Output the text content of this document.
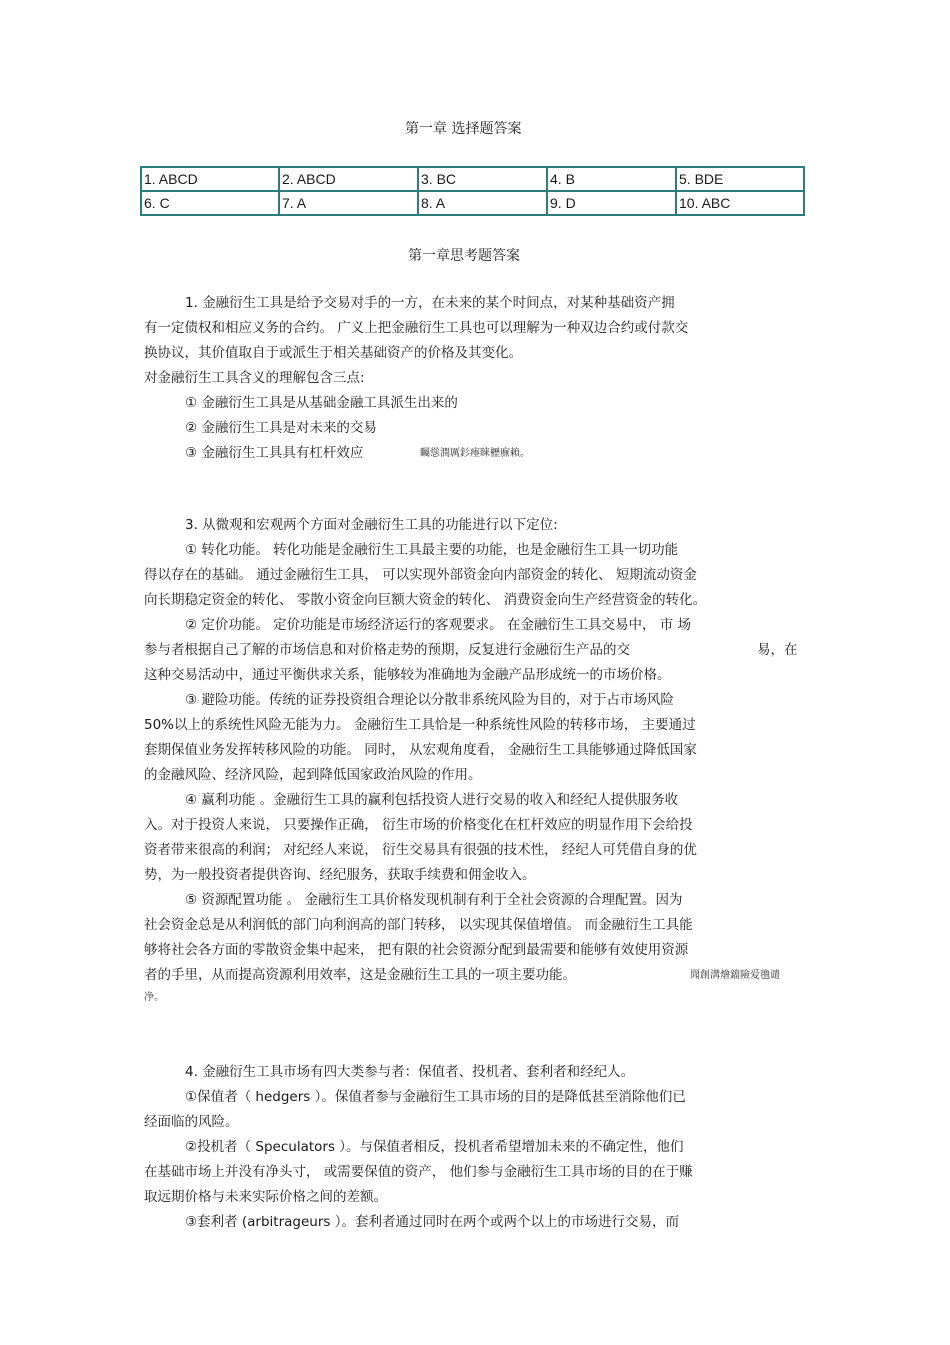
第一章 选择题答案
1. ABCD	2. ABCD	3. BC	4. B	5. BDE
6. C	7. A	8. A	9. D	10. ABC
第一章思考题答案
1. 金融衍生工具是给予交易对手的一方，在未来的某个时间点，对某种基础资产拥
有一定债权和相应义务的合约。 广义上把金融衍生工具也可以理解为一种双边合约或付款交
换协议，其价值取自于或派生于相关基础资产的价格及其变化。
对金融衍生工具含义的理解包含三点:
① 金融衍生工具是从基础金融工具派生出来的
② 金融衍生工具是对未来的交易
③ 金融衍生工具具有杠杆效应	矚慫潤厲釤瘞睞櫪廡賴。
3. 从微观和宏观两个方面对金融衍生工具的功能进行以下定位:
① 转化功能。 转化功能是金融衍生工具最主要的功能，也是金融衍生工具一切功能
得以存在的基础。 通过金融衍生工具， 可以实现外部资金向内部资金的转化、 短期流动资金
向长期稳定资金的转化、 零散小资金向巨额大资金的转化、 消费资金向生产经营资金的转化。
② 定价功能。 定价功能是市场经济运行的客观要求。 在金融衍生工具交易中， 市 场
参与者根据自己了解的市场信息和对价格走势的预期，反复进行金融衍生产品的交	易，在
这种交易活动中，通过平衡供求关系，能够较为准确地为金融产品形成统一的市场价格。
③ 避险功能。传统的证券投资组合理论以分散非系统风险为目的，对于占市场风险
50%以上的系统性风险无能为力。 金融衍生工具恰是一种系统性风险的转移市场， 主要通过
套期保值业务发挥转移风险的功能。 同时， 从宏观角度看， 金融衍生工具能够通过降低国家
的金融风险、经济风险，起到降低国家政治风险的作用。
④ 赢利功能 。金融衍生工具的赢利包括投资人进行交易的收入和经纪人提供服务收
入。对于投资人来说， 只要操作正确， 衍生市场的价格变化在杠杆效应的明显作用下会给投
资者带来很高的利润； 对纪经人来说， 衍生交易具有很强的技术性， 经纪人可凭借自身的优
势，为一般投资者提供咨询、经纪服务，获取手续费和佣金收入。
⑤ 资源配置功能 。 金融衍生工具价格发现机制有利于全社会资源的合理配置。因为
社会资金总是从利润低的部门向利润高的部门转移， 以实现其保值增值。 而金融衍生工具能
够将社会各方面的零散资金集中起来， 把有限的社会资源分配到最需要和能够有效使用资源
者的手里，从而提高资源利用效率，这是金融衍生工具的一项主要功能。	聞創溝燴鐺險爱氇谴
净。
4. 金融衍生工具市场有四大类参与者：保值者、投机者、套利者和经纪人。
①保值者（ hedgers ）。保值者参与金融衍生工具市场的目的是降低甚至消除他们已
经面临的风险。
②投机者（ Speculators ）。与保值者相反，投机者希望增加未来的不确定性，他们
在基础市场上并没有净头寸， 或需要保值的资产， 他们参与金融衍生工具市场的目的在于赚
取远期价格与未来实际价格之间的差额。
③套利者 (arbitrageurs ）。套利者通过同时在两个或两个以上的市场进行交易，而
